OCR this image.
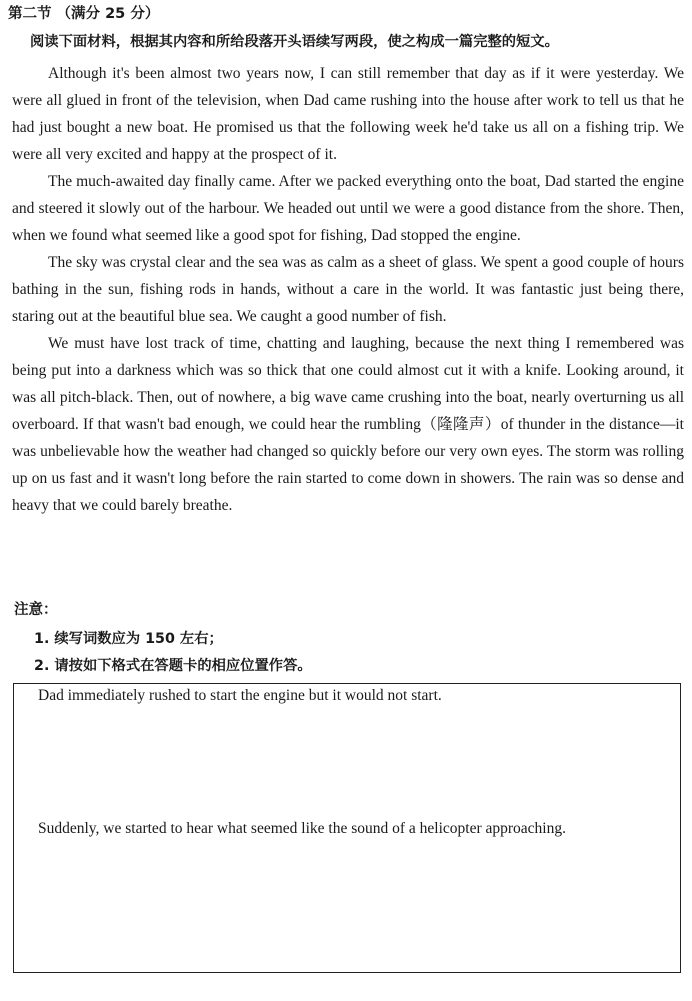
第二节 （满分 25 分）
阅读下面材料，根据其内容和所给段落开头语续写两段，使之构成一篇完整的短文。

Although it's been almost two years now, I can still remember that day as if it were yesterday. We were all glued in front of the television, when Dad came rushing into the house after work to tell us that he had just bought a new boat. He promised us that the following week he'd take us all on a fishing trip. We were all very excited and happy at the prospect of it.

The much-awaited day finally came. After we packed everything onto the boat, Dad started the engine and steered it slowly out of the harbour. We headed out until we were a good distance from the shore. Then, when we found what seemed like a good spot for fishing, Dad stopped the engine.

The sky was crystal clear and the sea was as calm as a sheet of glass. We spent a good couple of hours bathing in the sun, fishing rods in hands, without a care in the world. It was fantastic just being there, staring out at the beautiful blue sea. We caught a good number of fish.

We must have lost track of time, chatting and laughing, because the next thing I remembered was being put into a darkness which was so thick that one could almost cut it with a knife. Looking around, it was all pitch-black. Then, out of nowhere, a big wave came crushing into the boat, nearly overturning us all overboard. If that wasn't bad enough, we could hear the rumbling（隆隆声）of thunder in the distance—it was unbelievable how the weather had changed so quickly before our very own eyes. The storm was rolling up on us fast and it wasn't long before the rain started to come down in showers. The rain was so dense and heavy that we could barely breathe.

注意：
1. 续写词数应为 150 左右；
2. 请按如下格式在答题卡的相应位置作答。
Dad immediately rushed to start the engine but it would not start.
Suddenly, we started to hear what seemed like the sound of a helicopter approaching.
